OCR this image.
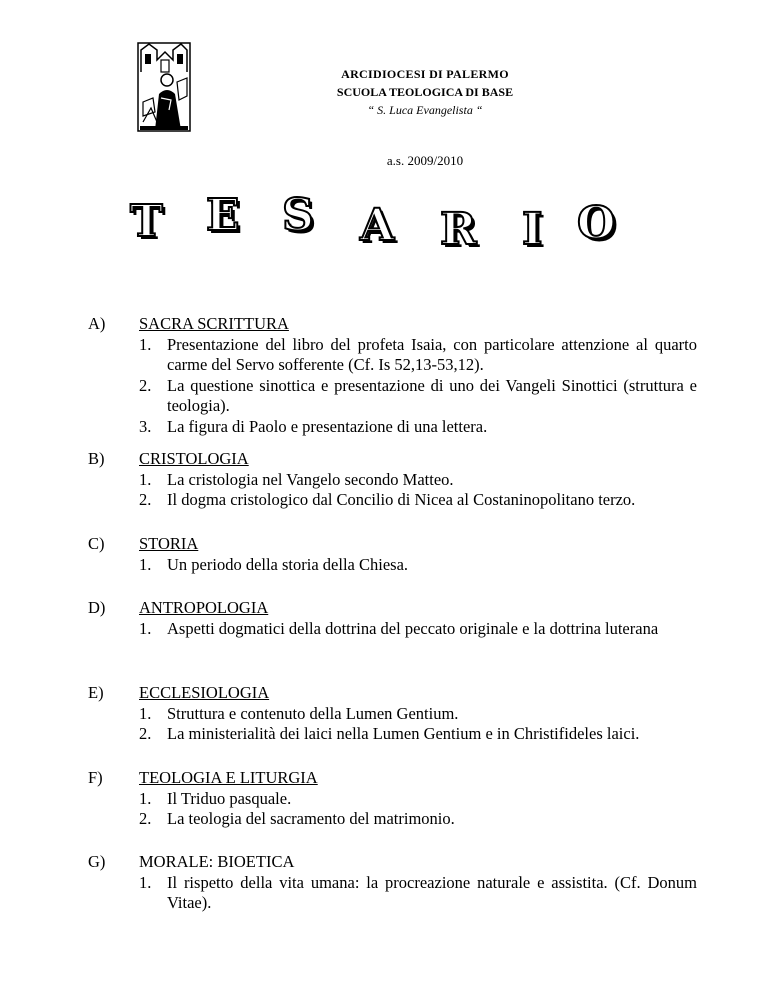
ARCIDIOCESI DI PALERMO
SCUOLA TEOLOGICA DI BASE
“ S. Luca Evangelista “
a.s. 2009/2010
T E S A R I O
A) SACRA SCRITTURA
1. Presentazione del libro del profeta Isaia, con particolare attenzione al quarto carme del Servo sofferente (Cf. Is 52,13-53,12).
2. La questione sinottica e presentazione di uno dei Vangeli Sinottici (struttura e teologia).
3. La figura di Paolo e presentazione di una lettera.
B) CRISTOLOGIA
1. La cristologia nel Vangelo secondo Matteo.
2. Il dogma cristologico dal Concilio di Nicea al Costaninopolitano terzo.
C) STORIA
1. Un periodo della storia della Chiesa.
D) ANTROPOLOGIA
1. Aspetti dogmatici della dottrina del peccato originale e la dottrina luterana
E) ECCLESIOLOGIA
1. Struttura e contenuto della Lumen Gentium.
2. La ministerialità dei laici nella Lumen Gentium e in Christifideles laici.
F) TEOLOGIA E LITURGIA
1. Il Triduo pasquale.
2. La teologia del sacramento del matrimonio.
G) MORALE: BIOETICA
1. Il rispetto della vita umana: la procreazione naturale e assistita. (Cf. Donum Vitae).
